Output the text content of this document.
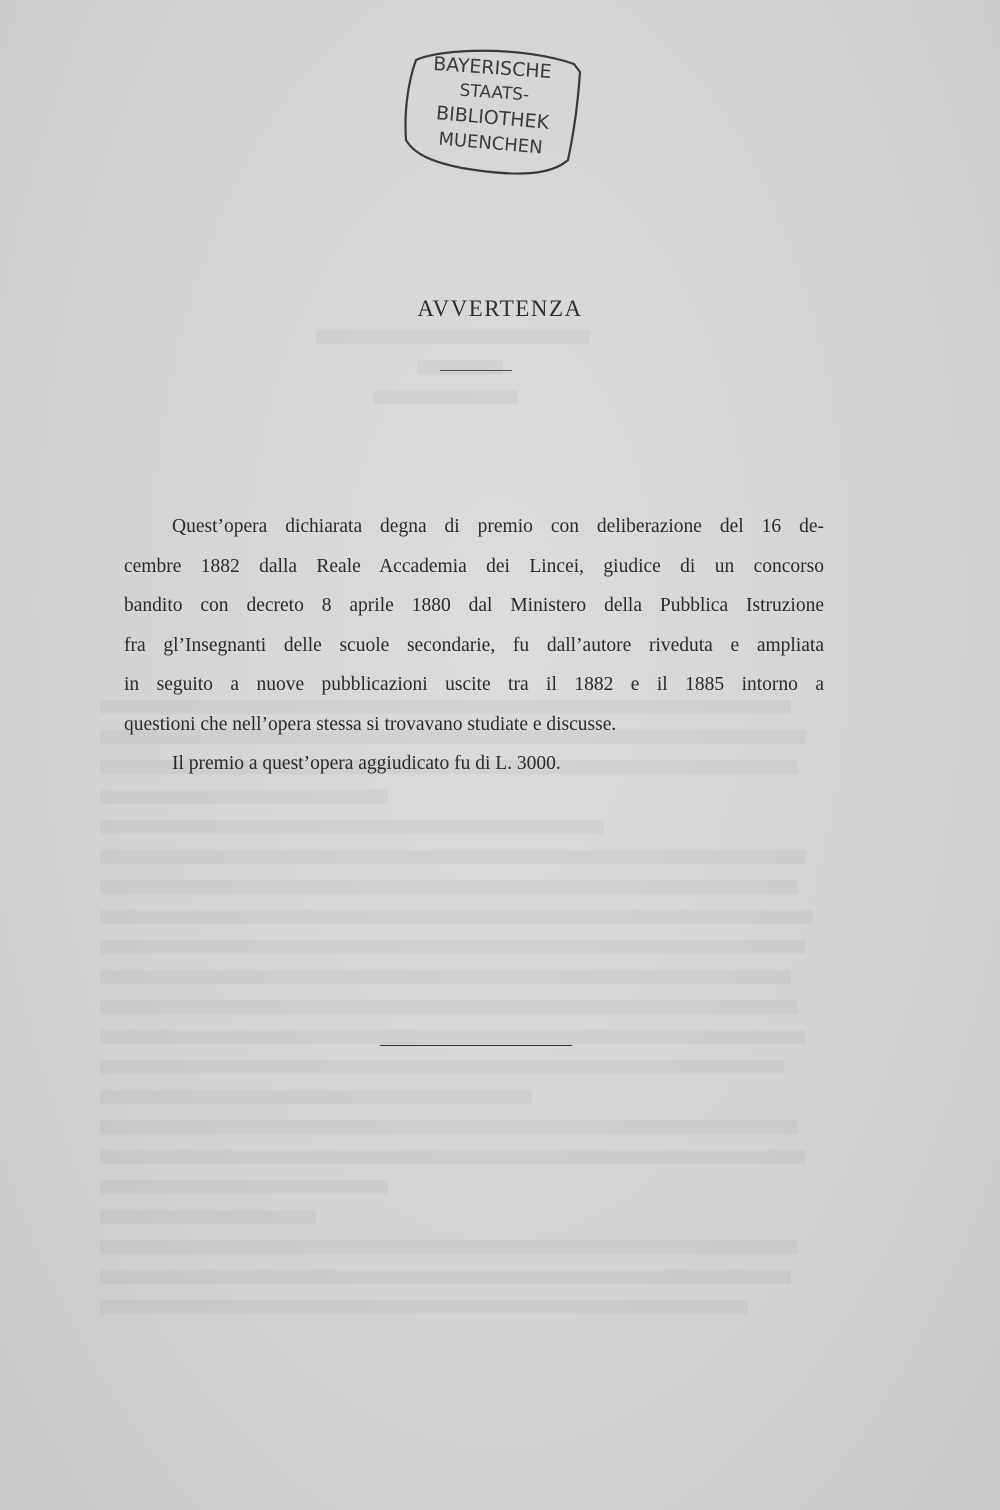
BAYERISCHE
STAATS-
BIBLIOTHEK
MUENCHEN
AVVERTENZA
Quest’opera dichiarata degna di premio con deliberazione del 16 de-
cembre 1882 dalla Reale Accademia dei Lincei, giudice di un concorso
bandito con decreto 8 aprile 1880 dal Ministero della Pubblica Istruzione
fra gl’Insegnanti delle scuole secondarie, fu dall’autore riveduta e ampliata
in seguito a nuove pubblicazioni uscite tra il 1882 e il 1885 intorno a
questioni che nell’opera stessa si trovavano studiate e discusse.
Il premio a quest’opera aggiudicato fu di L. 3000.
